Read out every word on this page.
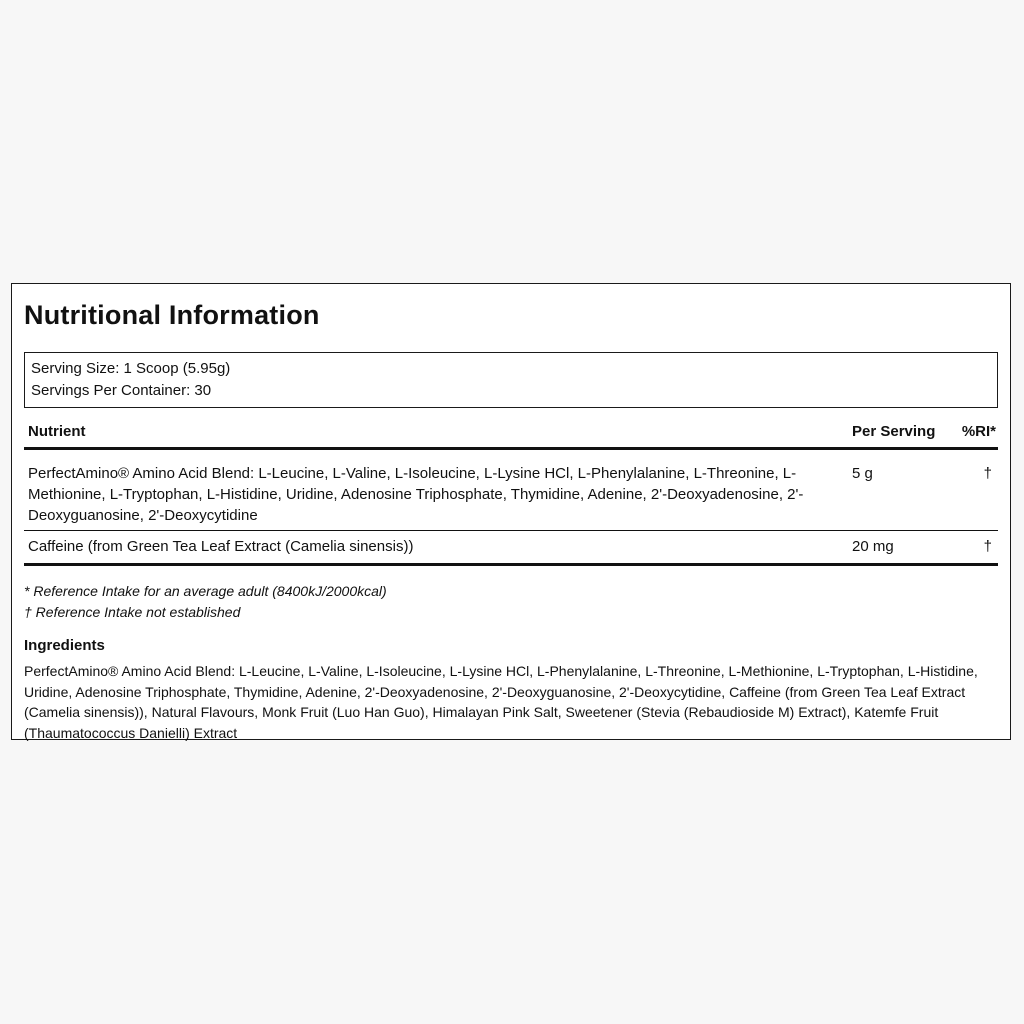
Nutritional Information
Serving Size: 1 Scoop (5.95g)
Servings Per Container: 30
Nutrient	Per Serving	%RI*
PerfectAmino® Amino Acid Blend: L-Leucine, L-Valine, L-Isoleucine, L-Lysine HCl, L-Phenylalanine, L-Threonine, L-Methionine, L-Tryptophan, L-Histidine, Uridine, Adenosine Triphosphate, Thymidine, Adenine, 2'-Deoxyadenosine, 2'-Deoxyguanosine, 2'-Deoxycytidine	5 g	†
Caffeine (from Green Tea Leaf Extract (Camelia sinensis))	20 mg	†
* Reference Intake for an average adult (8400kJ/2000kcal)
† Reference Intake not established
Ingredients

PerfectAmino® Amino Acid Blend: L-Leucine, L-Valine, L-Isoleucine, L-Lysine HCl, L-Phenylalanine, L-Threonine, L-Methionine, L-Tryptophan, L-Histidine, Uridine, Adenosine Triphosphate, Thymidine, Adenine, 2'-Deoxyadenosine, 2'-Deoxyguanosine, 2'-Deoxycytidine, Caffeine (from Green Tea Leaf Extract (Camelia sinensis)), Natural Flavours, Monk Fruit (Luo Han Guo), Himalayan Pink Salt, Sweetener (Stevia (Rebaudioside M) Extract), Katemfe Fruit (Thaumatococcus Danielli) Extract
